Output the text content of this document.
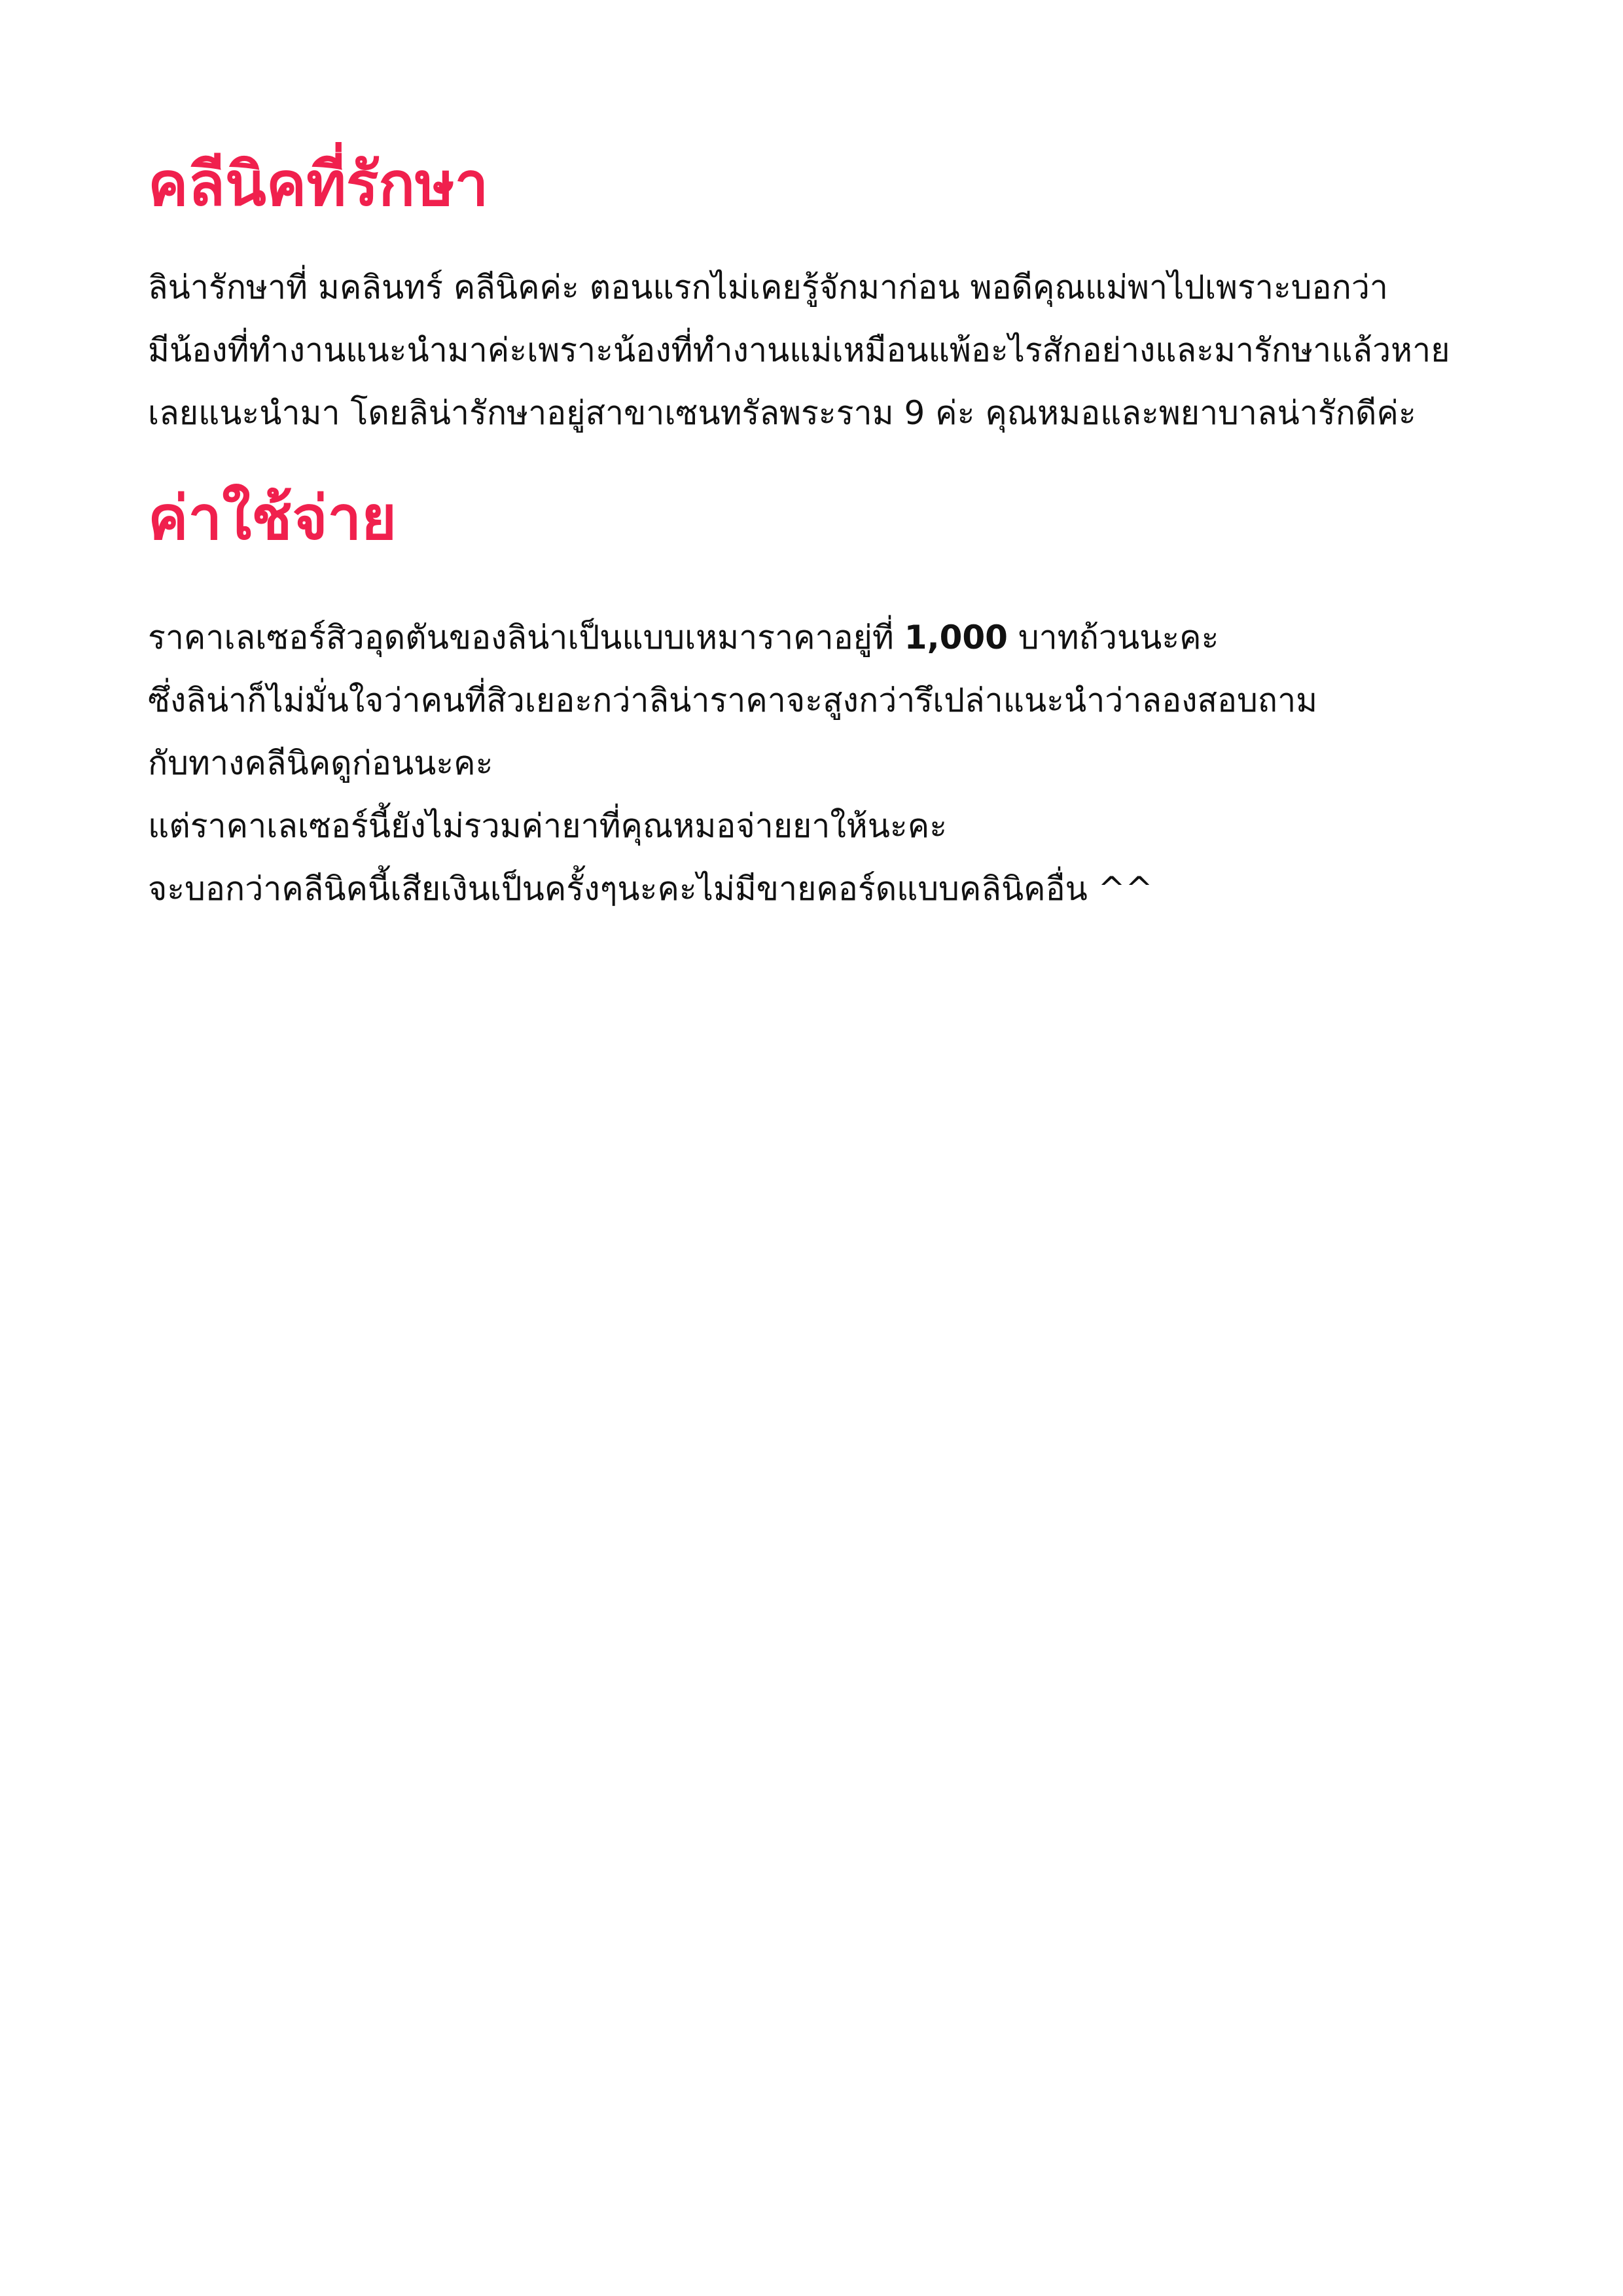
คลีนิคที่รักษา
ลิน่ารักษาที่ มคลินทร์ คลีนิคค่ะ ตอนแรกไม่เคยรู้จักมาก่อน พอดีคุณแม่พาไปเพราะบอกว่า
มีน้องที่ทำงานแนะนำมาค่ะเพราะน้องที่ทำงานแม่เหมือนแพ้อะไรสักอย่างและมารักษาแล้วหาย
เลยแนะนำมา โดยลิน่ารักษาอยู่สาขาเซนทรัลพระราม 9 ค่ะ คุณหมอและพยาบาลน่ารักดีค่ะ
ค่าใช้จ่าย
ราคาเลเซอร์สิวอุดตันของลิน่าเป็นแบบเหมาราคาอยู่ที่ 1,000 บาทถ้วนนะคะ
ซึ่งลิน่าก็ไม่มั่นใจว่าคนที่สิวเยอะกว่าลิน่าราคาจะสูงกว่ารึเปล่าแนะนำว่าลองสอบถาม
กับทางคลีนิคดูก่อนนะคะ
แต่ราคาเลเซอร์นี้ยังไม่รวมค่ายาที่คุณหมอจ่ายยาให้นะคะ
จะบอกว่าคลีนิคนี้เสียเงินเป็นครั้งๆนะคะไม่มีขายคอร์ดแบบคลินิคอื่น ^^
